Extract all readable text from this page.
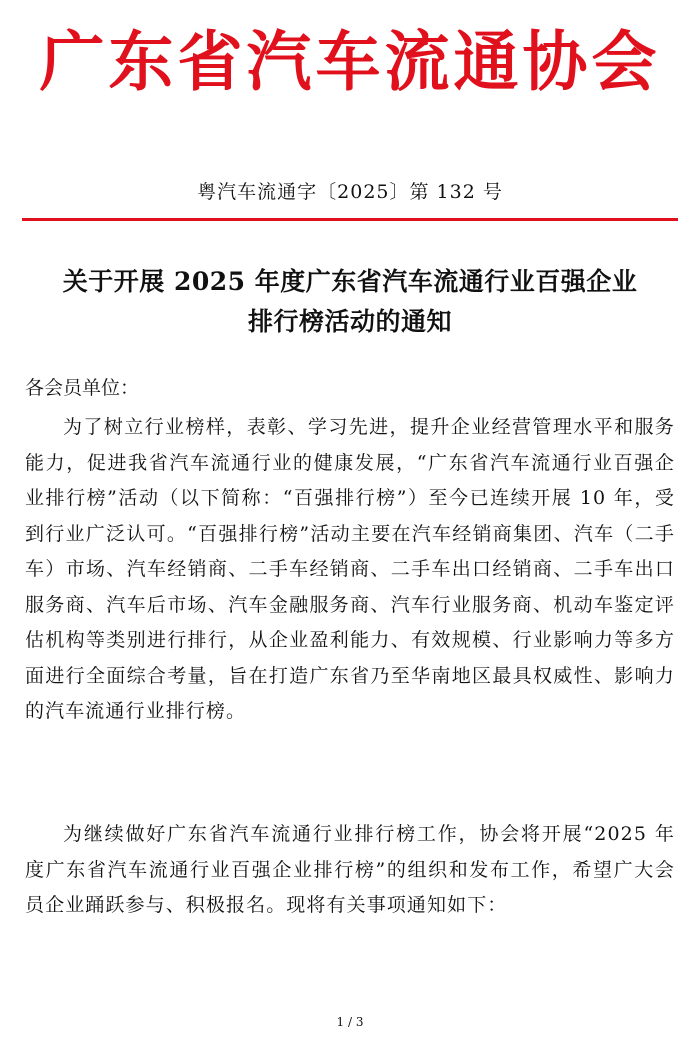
广东省汽车流通协会
粤汽车流通字〔2025〕第 132 号
关于开展 2025 年度广东省汽车流通行业百强企业
排行榜活动的通知
各会员单位：
为了树立行业榜样，表彰、学习先进，提升企业经营管理水平和服务能力，促进我省汽车流通行业的健康发展，“广东省汽车流通行业百强企业排行榜”活动（以下简称：“百强排行榜”）至今已连续开展 10 年，受到行业广泛认可。“百强排行榜”活动主要在汽车经销商集团、汽车（二手车）市场、汽车经销商、二手车经销商、二手车出口经销商、二手车出口服务商、汽车后市场、汽车金融服务商、汽车行业服务商、机动车鉴定评估机构等类别进行排行，从企业盈利能力、有效规模、行业影响力等多方面进行全面综合考量，旨在打造广东省乃至华南地区最具权威性、影响力的汽车流通行业排行榜。
为继续做好广东省汽车流通行业排行榜工作，协会将开展“2025 年度广东省汽车流通行业百强企业排行榜”的组织和发布工作，希望广大会员企业踊跃参与、积极报名。现将有关事项通知如下：
1 / 3
